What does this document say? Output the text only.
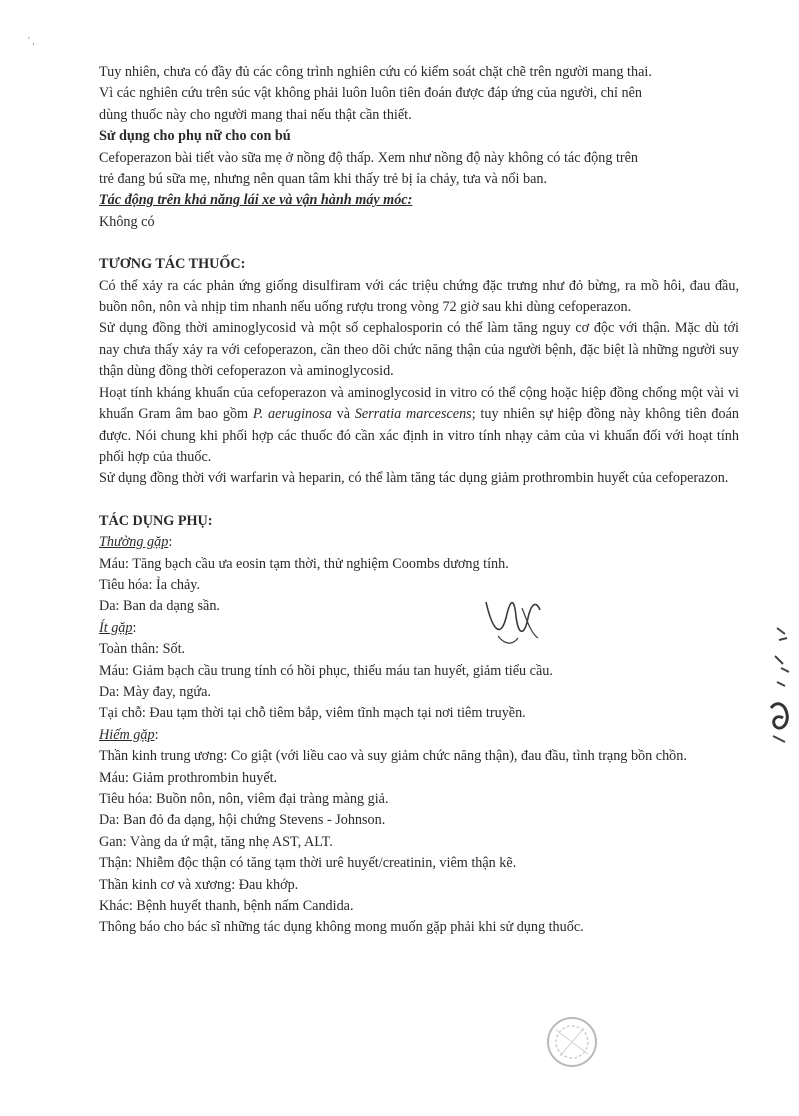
' ,

Tuy nhiên, chưa có đầy đủ các công trình nghiên cứu có kiểm soát chặt chẽ trên người mang thai.

Vì các nghiên cứu trên súc vật không phải luôn luôn tiên đoán được đáp ứng của người, chỉ nên

dùng thuốc này cho người mang thai nếu thật cần thiết.

Sử dụng cho phụ nữ cho con bú

Cefoperazon bài tiết vào sữa mẹ ở nồng độ thấp. Xem như nồng độ này không có tác động trên

trẻ đang bú sữa mẹ, nhưng nên quan tâm khi thấy trẻ bị ỉa chảy, tưa và nổi ban.

Tác động trên khả năng lái xe và vận hành máy móc:

Không có

TƯƠNG TÁC THUỐC:

Có thể xảy ra các phản ứng giống disulfiram với các triệu chứng đặc trưng như đỏ bừng, ra mồ hôi, đau đầu, buồn nôn, nôn và nhịp tim nhanh nếu uống rượu trong vòng 72 giờ sau khi dùng cefoperazon.

Sử dụng đồng thời aminoglycosid và một số cephalosporin có thể làm tăng nguy cơ độc với thận. Mặc dù tới nay chưa thấy xảy ra với cefoperazon, cần theo dõi chức năng thận của người bệnh, đặc biệt là những người suy thận dùng đồng thời cefoperazon và aminoglycosid.

Hoạt tính kháng khuẩn của cefoperazon và aminoglycosid in vitro có thể cộng hoặc hiệp đồng chống một vài vi khuẩn Gram âm bao gồm P. aeruginosa và Serratia marcescens; tuy nhiên sự hiệp đồng này không tiên đoán được. Nói chung khi phối hợp các thuốc đó cần xác định in vitro tính nhạy cảm của vi khuẩn đối với hoạt tính phối hợp của thuốc.

Sử dụng đồng thời với warfarin và heparin, có thể làm tăng tác dụng giảm prothrombin huyết của cefoperazon.

TÁC DỤNG PHỤ:

Thường gặp:

Máu: Tăng bạch cầu ưa eosin tạm thời, thử nghiệm Coombs dương tính.

Tiêu hóa: Ỉa chảy.

Da: Ban da dạng sần.

Ít gặp:

Toàn thân: Sốt.

Máu: Giảm bạch cầu trung tính có hồi phục, thiếu máu tan huyết, giảm tiểu cầu.

Da: Mày đay, ngứa.

Tại chỗ: Đau tạm thời tại chỗ tiêm bắp, viêm tĩnh mạch tại nơi tiêm truyền.

Hiếm gặp:

Thần kinh trung ương: Co giật (với liều cao và suy giảm chức năng thận), đau đầu, tình trạng bồn chồn.

Máu: Giảm prothrombin huyết.

Tiêu hóa: Buồn nôn, nôn, viêm đại tràng màng giả.

Da: Ban đỏ đa dạng, hội chứng Stevens - Johnson.

Gan: Vàng da ứ mật, tăng nhẹ AST, ALT.

Thận: Nhiễm độc thận có tăng tạm thời urê huyết/creatinin, viêm thận kẽ.

Thần kinh cơ và xương: Đau khớp.

Khác: Bệnh huyết thanh, bệnh nấm Candida.

Thông báo cho bác sĩ những tác dụng không mong muốn gặp phải khi sử dụng thuốc.
